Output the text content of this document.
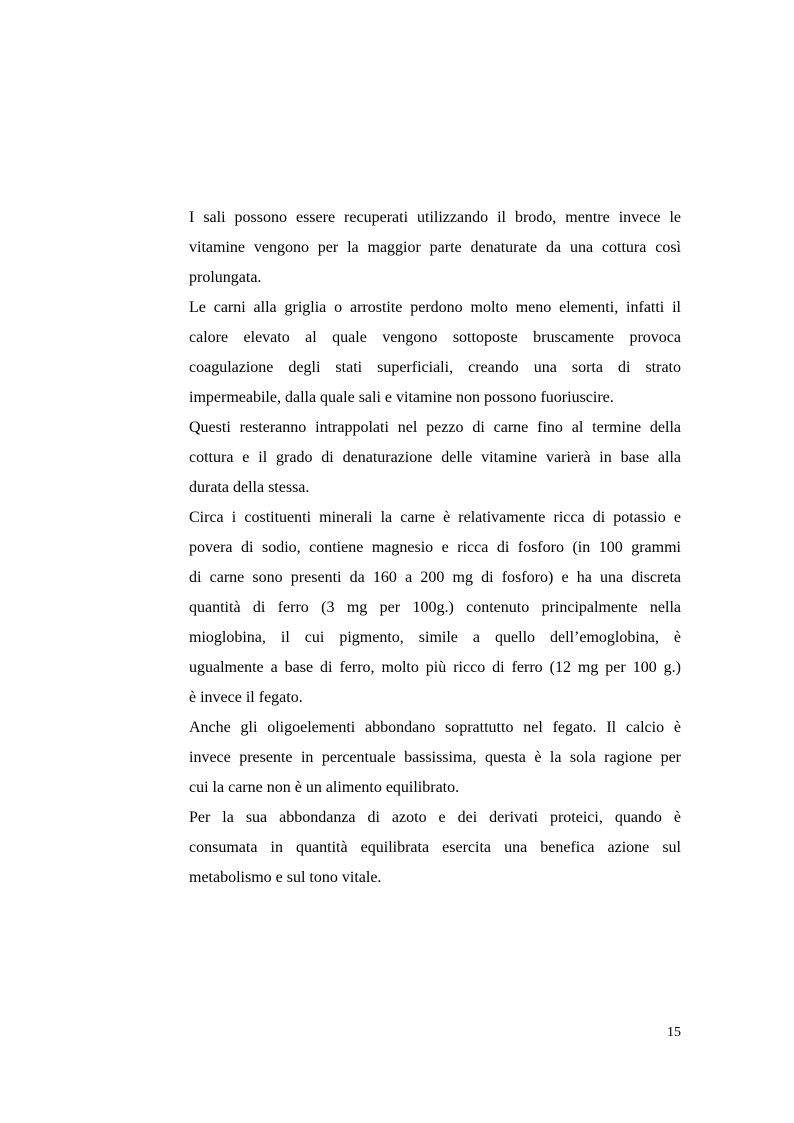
I sali possono essere recuperati utilizzando il brodo, mentre invece le
vitamine vengono per la maggior parte denaturate da una cottura così
prolungata.
Le carni alla griglia o arrostite perdono molto meno elementi, infatti il
calore elevato al quale vengono sottoposte bruscamente provoca
coagulazione degli stati superficiali, creando una sorta di strato
impermeabile, dalla quale sali e vitamine non possono fuoriuscire.
Questi resteranno intrappolati nel pezzo di carne fino al termine della
cottura e il grado di denaturazione delle vitamine varierà in base alla
durata della stessa.
Circa i costituenti minerali la carne è relativamente ricca di potassio e
povera di sodio, contiene magnesio e ricca di fosforo (in 100 grammi
di carne sono presenti da 160 a 200 mg di fosforo) e ha una discreta
quantità di ferro (3 mg per 100g.) contenuto principalmente nella
mioglobina, il cui pigmento, simile a quello dell’emoglobina, è
ugualmente a base di ferro, molto più ricco di ferro (12 mg per 100 g.)
è invece il fegato.
Anche gli oligoelementi abbondano soprattutto nel fegato. Il calcio è
invece presente in percentuale bassissima, questa è la sola ragione per
cui la carne non è un alimento equilibrato.
Per la sua abbondanza di azoto e dei derivati proteici, quando è
consumata in quantità equilibrata esercita una benefica azione sul
metabolismo e sul tono vitale.
15
